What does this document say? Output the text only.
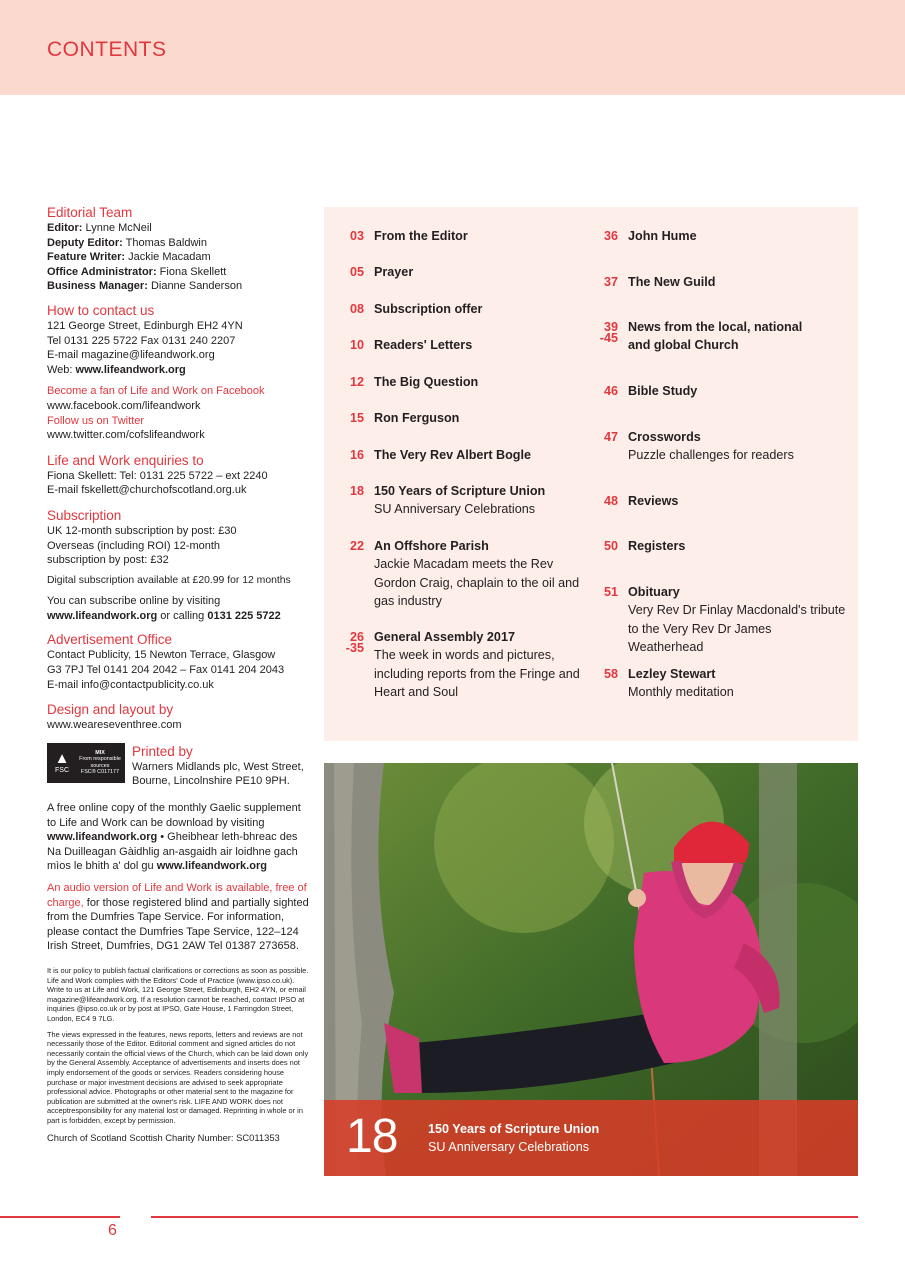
CONTENTS
Editorial Team
Editor: Lynne McNeil
Deputy Editor: Thomas Baldwin
Feature Writer: Jackie Macadam
Office Administrator: Fiona Skellett
Business Manager: Dianne Sanderson
How to contact us
121 George Street, Edinburgh EH2 4YN
Tel 0131 225 5722 Fax 0131 240 2207
E-mail magazine@lifeandwork.org
Web: www.lifeandwork.org
Become a fan of Life and Work on Facebook
www.facebook.com/lifeandwork
Follow us on Twitter
www.twitter.com/cofslifeandwork
Life and Work enquiries to
Fiona Skellett: Tel: 0131 225 5722 – ext 2240
E-mail fskellett@churchofscotland.org.uk
Subscription
UK 12-month subscription by post: £30
Overseas (including ROI) 12-month
subscription by post: £32
Digital subscription available at £20.99 for 12 months
You can subscribe online by visiting
www.lifeandwork.org or calling 0131 225 5722
Advertisement Office
Contact Publicity, 15 Newton Terrace, Glasgow
G3 7PJ Tel 0141 204 2042 – Fax 0141 204 2043
E-mail info@contactpublicity.co.uk
Design and layout by
www.weareseventhree.com
▲
FSC
MIX
From responsible sources
FSC® C017177
Printed by
Warners Midlands plc, West Street, Bourne, Lincolnshire PE10 9PH.
A free online copy of the monthly Gaelic supplement to Life and Work can be download by visiting www.lifeandwork.org • Gheibhear leth-bhreac des Na Duilleagan Gàidhlig an-asgaidh air loidhne gach mìos le bhith a' dol gu www.lifeandwork.org
An audio version of Life and Work is available, free of charge, for those registered blind and partially sighted from the Dumfries Tape Service. For information, please contact the Dumfries Tape Service, 122–124 Irish Street, Dumfries, DG1 2AW Tel 01387 273658.
It is our policy to publish factual clarifications or corrections as soon as possible. Life and Work complies with the Editors' Code of Practice (www.ipso.co.uk). Write to us at Life and Work, 121 George Street, Edinburgh, EH2 4YN, or email magazine@lifeandwork.org. If a resolution cannot be reached, contact IPSO at inquiries @ipso.co.uk or by post at IPSO, Gate House, 1 Farringdon Street, London, EC4 9 7LG.
The views expressed in the features, news reports, letters and reviews are not necessarily those of the Editor. Editorial comment and signed articles do not necessarily contain the official views of the Church, which can be laid down only by the General Assembly. Acceptance of advertisements and inserts does not imply endorsement of the goods or services. Readers considering house purchase or major investment decisions are advised to seek appropriate professional advice. Photographs or other material sent to the magazine for publication are submitted at the owner's risk. LIFE AND WORK does not acceptresponsibility for any material lost or damaged. Reprinting in whole or in part is forbidden, except by permission.
Church of Scotland Scottish Charity Number: SC011353
03 From the Editor
05 Prayer
08 Subscription offer
10 Readers' Letters
12 The Big Question
15 Ron Ferguson
16 The Very Rev Albert Bogle
18 150 Years of Scripture Union
SU Anniversary Celebrations
22 An Offshore Parish
Jackie Macadam meets the Rev Gordon Craig, chaplain to the oil and gas industry
26
-35
General Assembly 2017
The week in words and pictures, including reports from the Fringe and Heart and Soul
36 John Hume
37 The New Guild
39
-45
News from the local, national and global Church
46 Bible Study
47 Crosswords
Puzzle challenges for readers
48 Reviews
50 Registers
51 Obituary
Very Rev Dr Finlay Macdonald's tribute to the Very Rev Dr James Weatherhead
58 Lezley Stewart
Monthly meditation
18 150 Years of Scripture Union
SU Anniversary Celebrations
6
